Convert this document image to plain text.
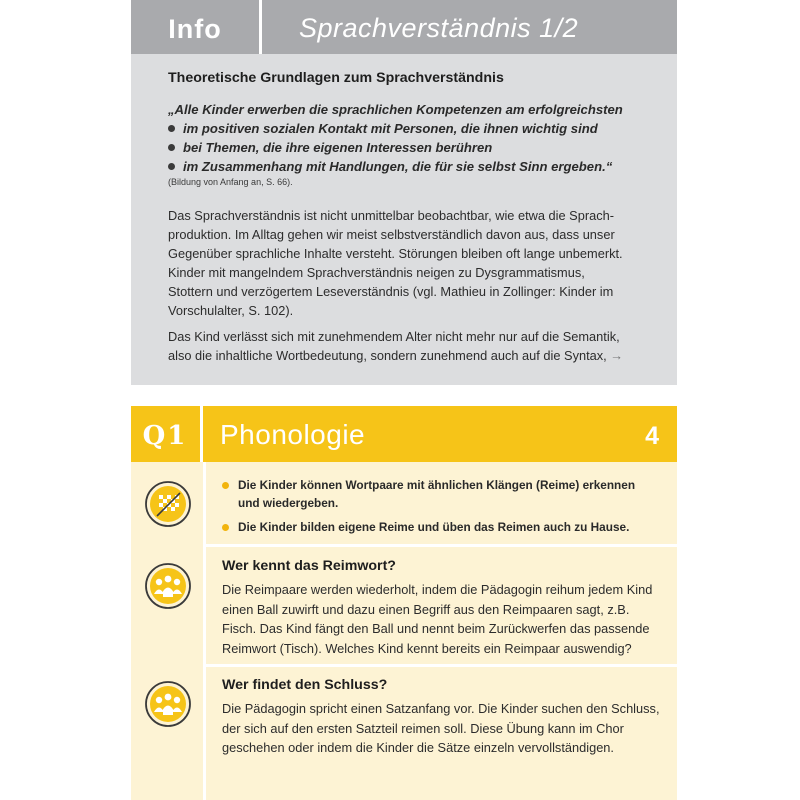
Info	Sprachverständnis 1/2
Theoretische Grundlagen zum Sprachverständnis
„Alle Kinder erwerben die sprachlichen Kompetenzen am erfolgreichsten
im positiven sozialen Kontakt mit Personen, die ihnen wichtig sind
bei Themen, die ihre eigenen Interessen berühren
im Zusammenhang mit Handlungen, die für sie selbst Sinn ergeben.“
(Bildung von Anfang an, S. 66).
Das Sprachverständnis ist nicht unmittelbar beobachtbar, wie etwa die Sprach-
produktion. Im Alltag gehen wir meist selbstverständlich davon aus, dass unser
Gegenüber sprachliche Inhalte versteht. Störungen bleiben oft lange unbemerkt.
Kinder mit mangelndem Sprachverständnis neigen zu Dysgrammatismus,
Stottern und verzögertem Leseverständnis (vgl. Mathieu in Zollinger: Kinder im
Vorschulalter, S. 102).
Das Kind verlässt sich mit zunehmendem Alter nicht mehr nur auf die Semantik,
also die inhaltliche Wortbedeutung, sondern zunehmend auch auf die Syntax, →
Q1	Phonologie	4
Die Kinder können Wortpaare mit ähnlichen Klängen (Reime) erkennen
und wiedergeben.
Die Kinder bilden eigene Reime und üben das Reimen auch zu Hause.
Wer kennt das Reimwort?
Die Reimpaare werden wiederholt, indem die Pädagogin reihum jedem Kind
einen Ball zuwirft und dazu einen Begriff aus den Reimpaaren sagt, z.B.
Fisch. Das Kind fängt den Ball und nennt beim Zurückwerfen das passende
Reimwort (Tisch). Welches Kind kennt bereits ein Reimpaar auswendig?
Wer findet den Schluss?
Die Pädagogin spricht einen Satzanfang vor. Die Kinder suchen den Schluss,
der sich auf den ersten Satzteil reimen soll. Diese Übung kann im Chor
geschehen oder indem die Kinder die Sätze einzeln vervollständigen.
